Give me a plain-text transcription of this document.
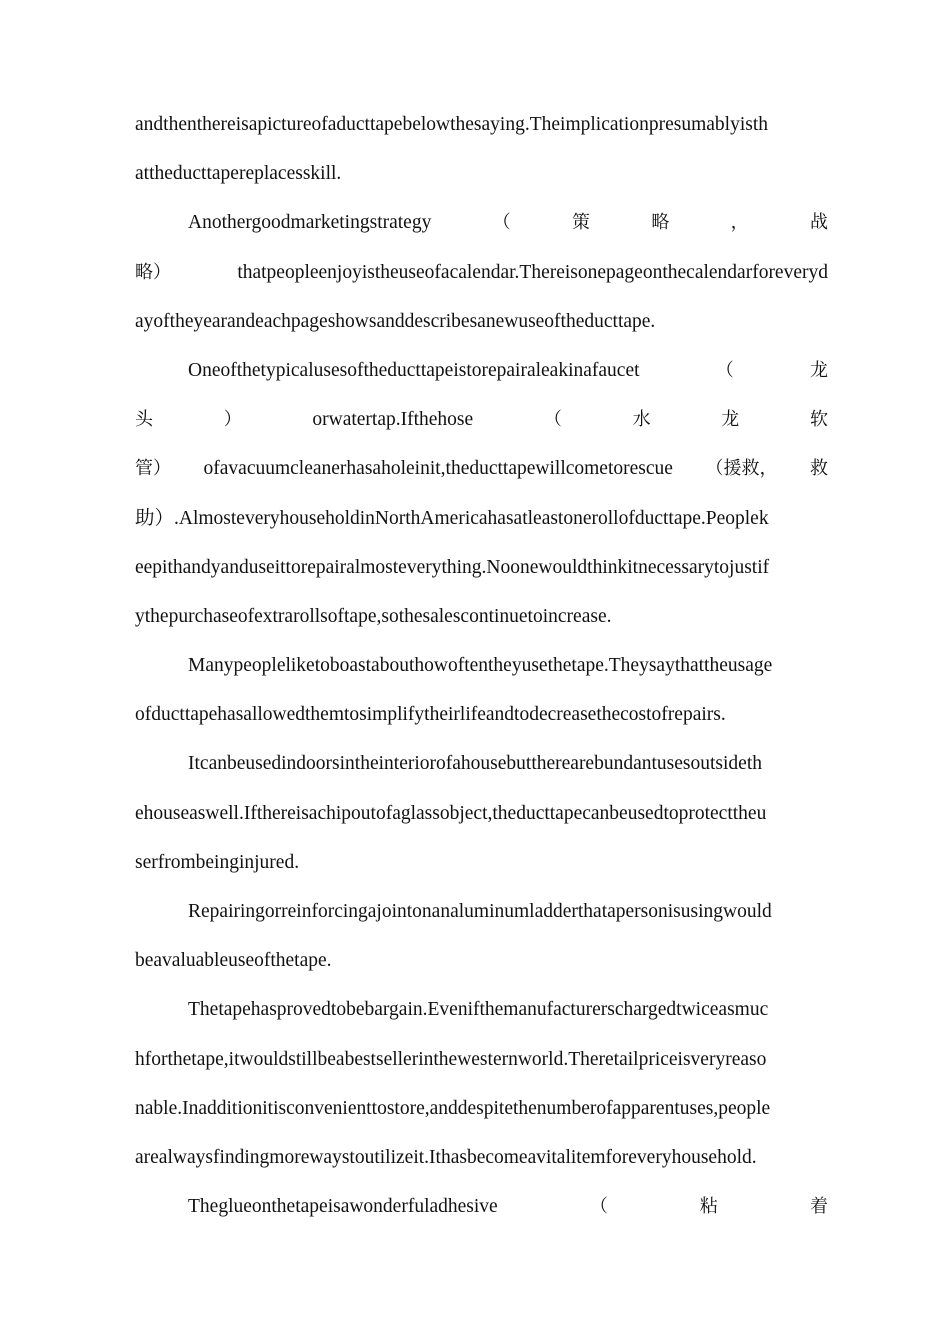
andthenthereisapictureofaducttapebelowthesaying.Theimplicationpresumablyisth
attheducttapereplacesskill.
Anothergoodmarketingstrategy	（	策	略	，	战
略）	thatpeopleenjoyistheuseofacalendar.Thereisonepageonthecalendarforeveryd
ayoftheyearandeachpageshowsanddescribesanewuseoftheducttape.
Oneofthetypicalusesoftheducttapeistorepairaleakinafaucet	（	龙
头	）	orwatertap.Ifthehose	（	水	龙	软
管） ofavacuumcleanerhasaholeinit,theducttapewillcometorescue （援救， 救
助）.AlmosteveryhouseholdinNorthAmericahasatleastonerollofducttape.Peoplek
eepithandyanduseittorepairalmosteverything.Noonewouldthinkitnecessarytojustif
ythepurchaseofextrarollsoftape,sothesalescontinuetoincrease.
Manypeopleliketoboastabouthowoftentheyusethetape.Theysaythattheusage
ofducttapehasallowedthemtosimplifytheirlifeandtodecreasethecostofrepairs.
Itcanbeusedindoorsintheinteriorofahousebuttherearebundantusesoutsideth
ehouseaswell.Ifthereisachipoutofaglassobject,theducttapecanbeusedtoprotecttheu
serfrombeinginjured.
Repairingorreinforcingajointonanaluminumladderthatapersonisusingwould
beavaluableuseofthetape.
Thetapehasprovedtobebargain.Evenifthemanufacturerschargedtwiceasmuc
hforthetape,itwouldstillbeabestsellerinthewesternworld.Theretailpriceisveryreaso
nable.Inadditionitisconvenienttostore,anddespitethenumberofapparentuses,people
arealwaysfindingmorewaystoutilizeit.Ithasbecomeavitalitemforeveryhousehold.
Theglueonthetapeisawonderfuladhesive	（	粘	着
